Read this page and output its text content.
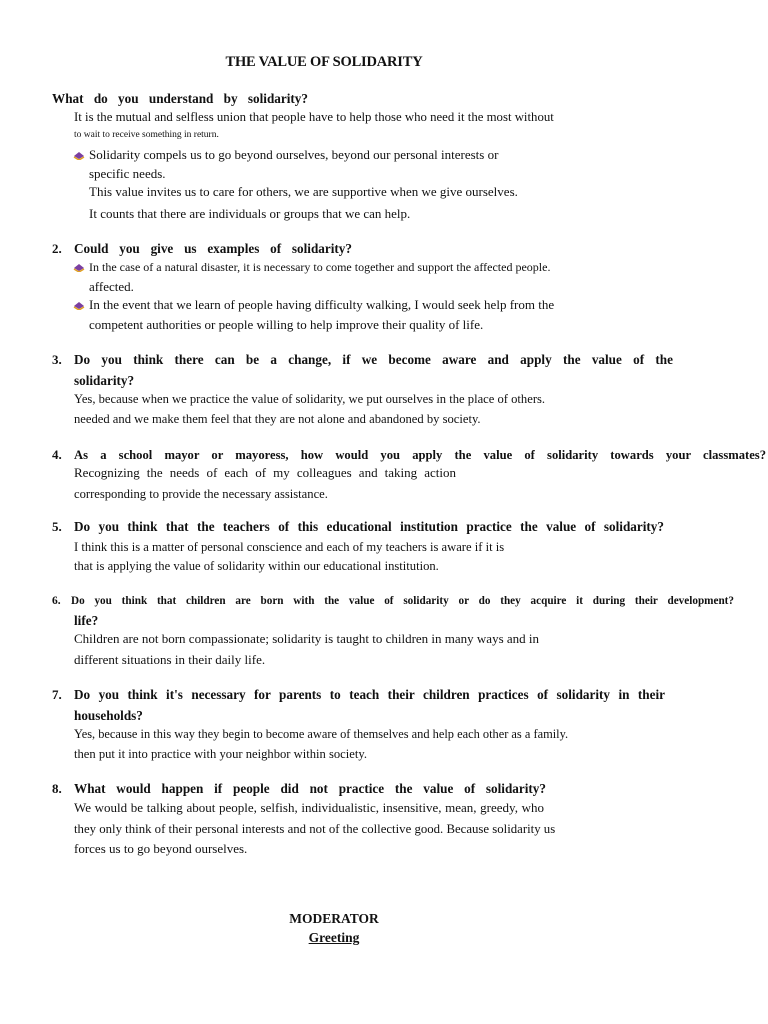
THE VALUE OF SOLIDARITY
What do you understand by solidarity?
It is the mutual and selfless union that people have to help those who need it the most without
to wait to receive something in return.
Solidarity compels us to go beyond ourselves, beyond our personal interests or
specific needs.
This value invites us to care for others, we are supportive when we give ourselves.
It counts that there are individuals or groups that we can help.
2. Could you give us examples of solidarity?
In the case of a natural disaster, it is necessary to come together and support the affected people.
affected.
In the event that we learn of people having difficulty walking, I would seek help from the
competent authorities or people willing to help improve their quality of life.
3. Do you think there can be a change, if we become aware and apply the value of the
solidarity?
Yes, because when we practice the value of solidarity, we put ourselves in the place of others.
needed and we make them feel that they are not alone and abandoned by society.
4. As a school mayor or mayoress, how would you apply the value of solidarity towards your classmates?
Recognizing the needs of each of my colleagues and taking action
corresponding to provide the necessary assistance.
5. Do you think that the teachers of this educational institution practice the value of solidarity?
I think this is a matter of personal conscience and each of my teachers is aware if it is
that is applying the value of solidarity within our educational institution.
6. Do you think that children are born with the value of solidarity or do they acquire it during their development?
life?
Children are not born compassionate; solidarity is taught to children in many ways and in
different situations in their daily life.
7. Do you think it's necessary for parents to teach their children practices of solidarity in their
households?
Yes, because in this way they begin to become aware of themselves and help each other as a family.
then put it into practice with your neighbor within society.
8. What would happen if people did not practice the value of solidarity?
We would be talking about people, selfish, individualistic, insensitive, mean, greedy, who
they only think of their personal interests and not of the collective good. Because solidarity us
forces us to go beyond ourselves.
MODERATOR
Greeting
